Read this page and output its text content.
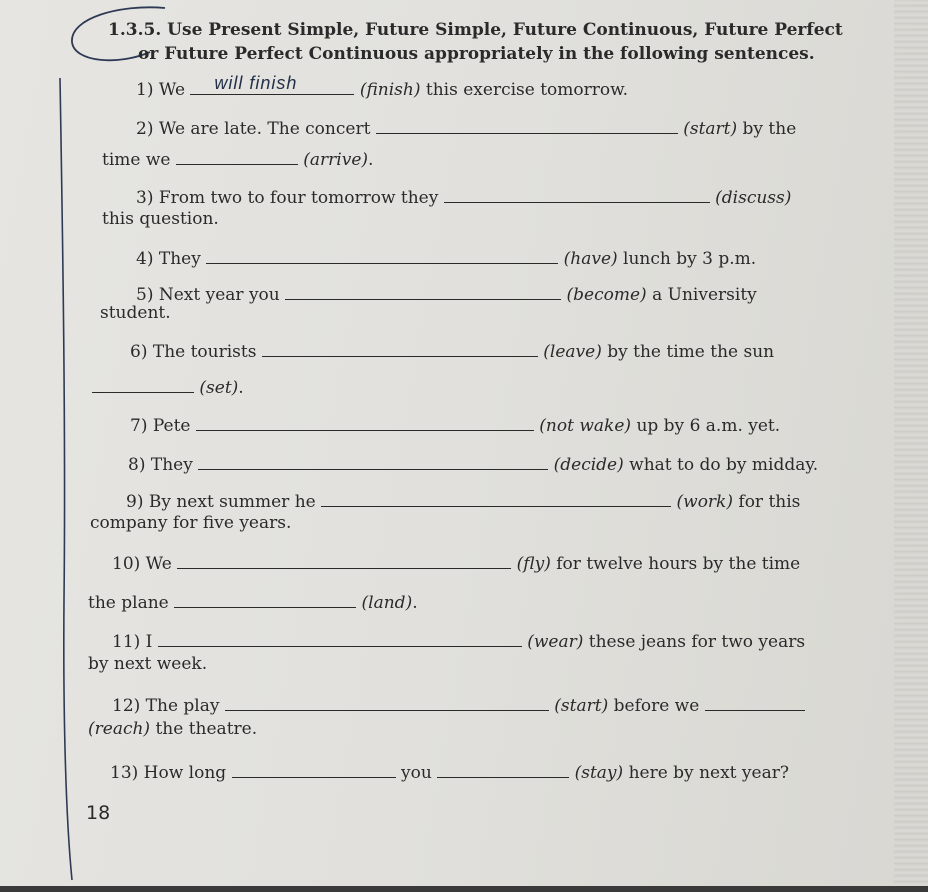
1.3.5. Use Present Simple, Future Simple, Future Continuous, Future Perfect
or Future Perfect Continuous appropriately in the following sentences.
1) We will finish	(finish) this exercise tomorrow.
2) We are late. The concert	(start) by the
time we	(arrive).
3) From two to four tomorrow they	(discuss)
this question.
4) They	(have) lunch by 3 p.m.
5) Next year you	(become) a University
student.
6) The tourists	(leave) by the time the sun
(set).
7) Pete	(not wake) up by 6 a.m. yet.
8) They	(decide) what to do by midday.
9) By next summer he	(work) for this
company for five years.
10) We	(fly) for twelve hours by the time
the plane	(land).
11) I	(wear) these jeans for two years
by next week.
12) The play	(start) before we
(reach) the theatre.
13) How long	you	(stay) here by next year?
18
